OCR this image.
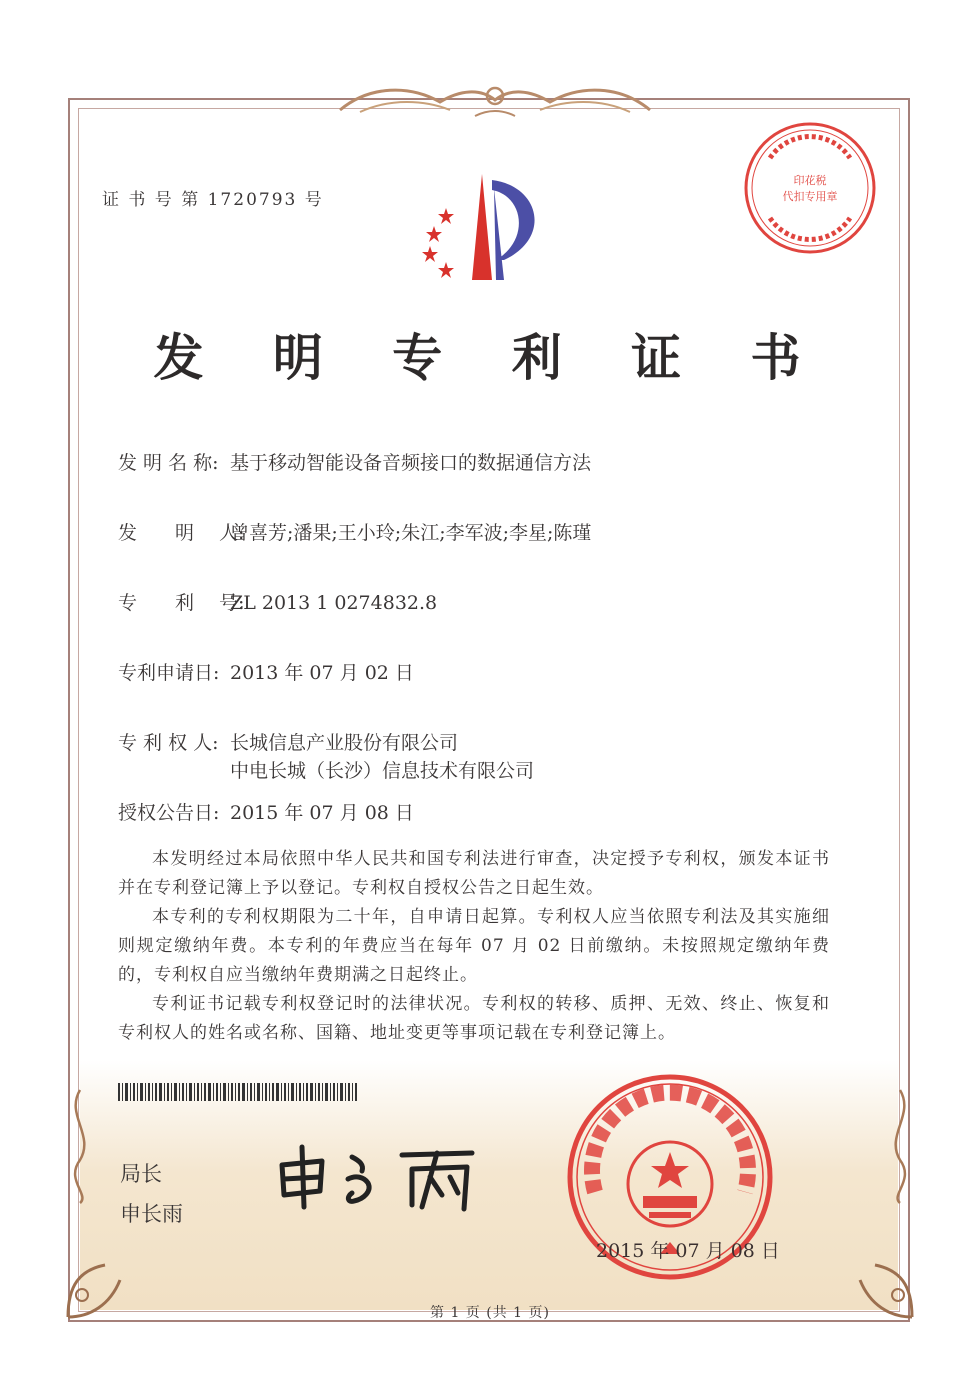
证 书 号 第 1720793 号
印花税
代扣专用章
发 明 专 利 证 书
发 明 名 称: 基于移动智能设备音频接口的数据通信方法
发　　明　 人:曾喜芳;潘果;王小玲;朱江;李军波;李星;陈瑾
专　　利　 号:ZL 2013 1 0274832.8
专利申请日: 2013 年 07 月 02 日
专 利 权 人: 长城信息产业股份有限公司
中电长城（长沙）信息技术有限公司
授权公告日: 2015 年 07 月 08 日
本发明经过本局依照中华人民共和国专利法进行审查，决定授予专利权，颁发本证书并在专利登记簿上予以登记。专利权自授权公告之日起生效。
本专利的专利权期限为二十年，自申请日起算。专利权人应当依照专利法及其实施细则规定缴纳年费。本专利的年费应当在每年 07 月 02 日前缴纳。未按照规定缴纳年费的，专利权自应当缴纳年费期满之日起终止。
专利证书记载专利权登记时的法律状况。专利权的转移、质押、无效、终止、恢复和专利权人的姓名或名称、国籍、地址变更等事项记载在专利登记簿上。
局长
申长雨
2015 年 07 月 08 日
第 1 页 (共 1 页)
